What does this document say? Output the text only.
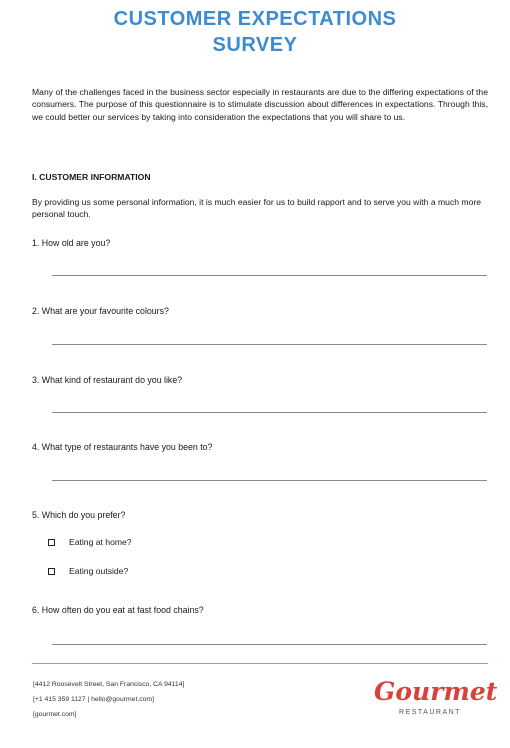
CUSTOMER EXPECTATIONS
SURVEY
Many of the challenges faced in the business sector especially in restaurants are due to the differing expectations of the consumers. The purpose of this questionnaire is to stimulate discussion about differences in expectations. Through this, we could better our services by taking into consideration the expectations that you will share to us.
I. CUSTOMER INFORMATION
By providing us some personal information, it is much easier for us to build rapport and to serve you with a much more personal touch.
1. How old are you?
2. What are your favourite colours?
3. What kind of restaurant do you like?
4. What type of restaurants have you been to?
5. Which do you prefer?
Eating at home?
Eating outside?
6. How often do you eat at fast food chains?
[4412 Roosevelt Street, San Francisco, CA 94114]
[+1 415 359 1127 | hello@gourmet.com]
[gourmet.com]
Gourmet
RESTAURANT
